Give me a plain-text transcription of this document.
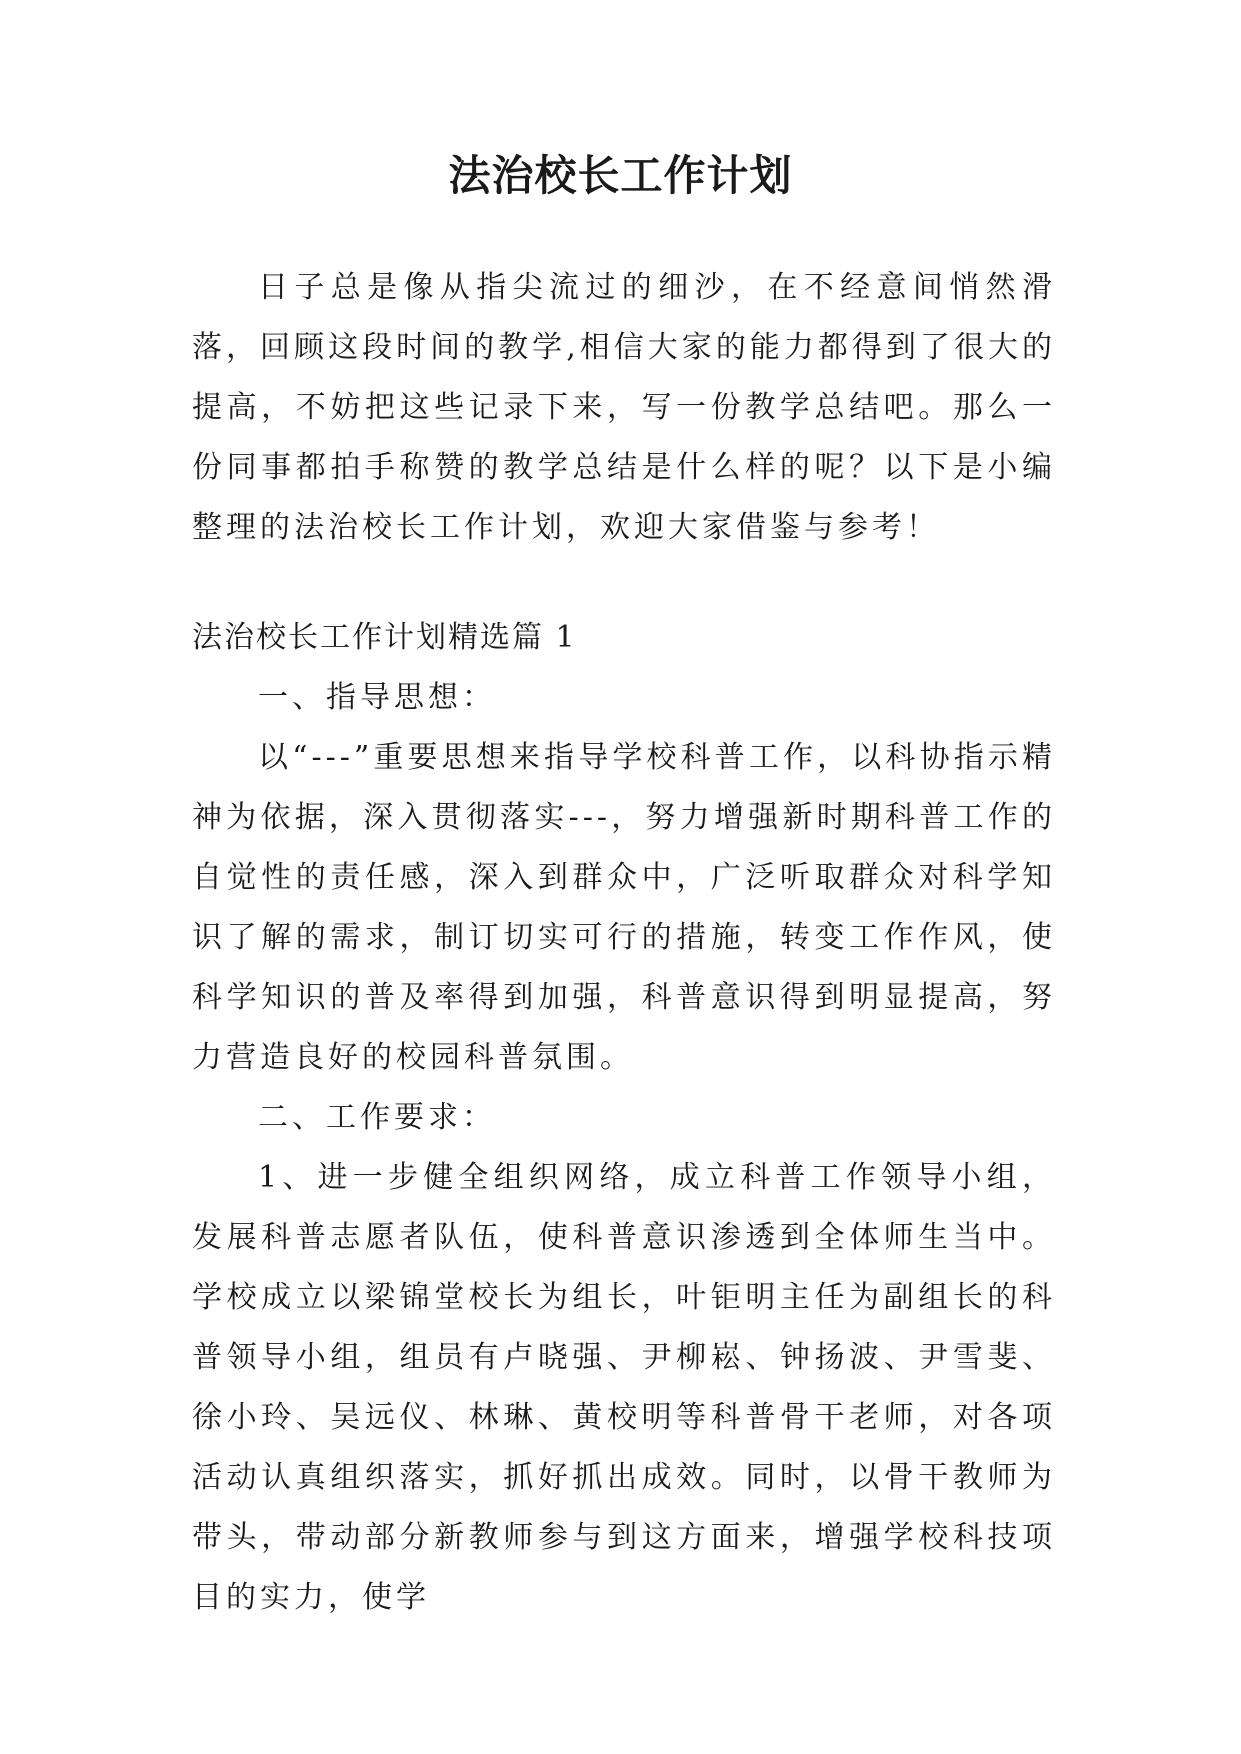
法治校长工作计划

日子总是像从指尖流过的细沙，在不经意间悄然滑落，回顾这段时间的教学,相信大家的能力都得到了很大的提高，不妨把这些记录下来，写一份教学总结吧。那么一份同事都拍手称赞的教学总结是什么样的呢？以下是小编整理的法治校长工作计划，欢迎大家借鉴与参考！

法治校长工作计划精选篇 1

一、指导思想：

以“---”重要思想来指导学校科普工作，以科协指示精神为依据，深入贯彻落实---，努力增强新时期科普工作的自觉性的责任感，深入到群众中，广泛听取群众对科学知识了解的需求，制订切实可行的措施，转变工作作风，使科学知识的普及率得到加强，科普意识得到明显提高，努力营造良好的校园科普氛围。

二、工作要求：

1、进一步健全组织网络，成立科普工作领导小组，发展科普志愿者队伍，使科普意识渗透到全体师生当中。学校成立以梁锦堂校长为组长，叶钜明主任为副组长的科普领导小组，组员有卢晓强、尹柳崧、钟扬波、尹雪斐、徐小玲、吴远仪、林琳、黄校明等科普骨干老师，对各项活动认真组织落实，抓好抓出成效。同时，以骨干教师为带头，带动部分新教师参与到这方面来，增强学校科技项目的实力，使学
